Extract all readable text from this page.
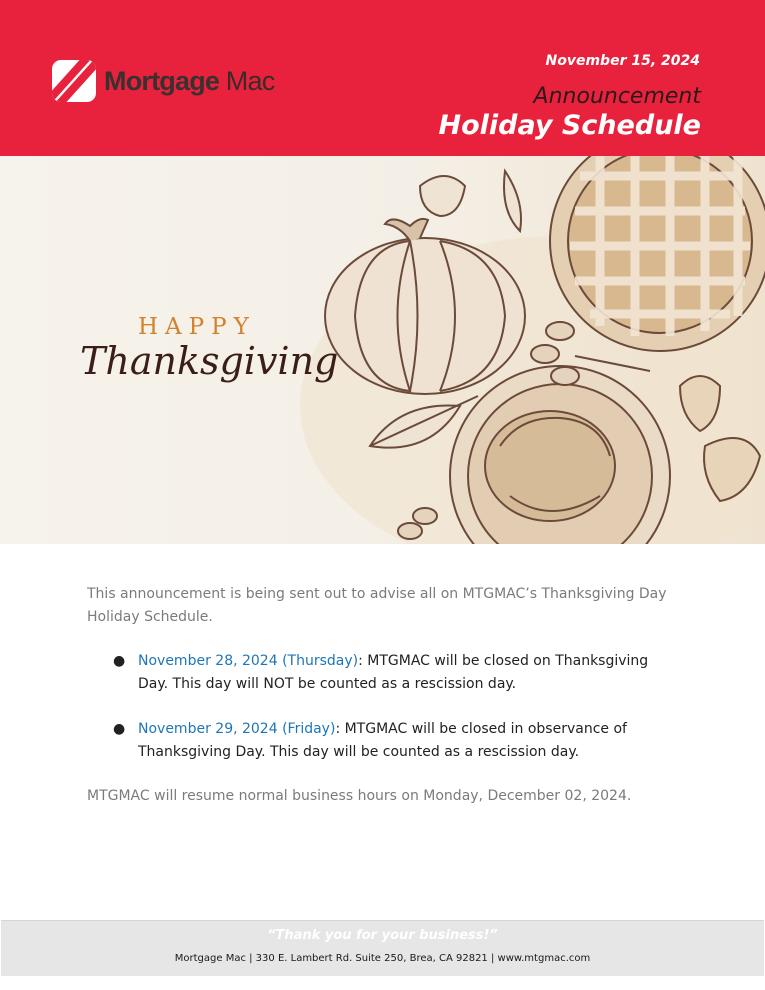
Mortgage Mac
November 15, 2024
Announcement
Holiday Schedule
HAPPY
Thanksgiving
This announcement is being sent out to advise all on MTGMAC’s Thanksgiving Day Holiday Schedule.
● November 28, 2024 (Thursday): MTGMAC will be closed on Thanksgiving Day. This day will NOT be counted as a rescission day.
● November 29, 2024 (Friday): MTGMAC will be closed in observance of Thanksgiving Day. This day will be counted as a rescission day.
MTGMAC will resume normal business hours on Monday, December 02, 2024.
“Thank you for your business!”
Mortgage Mac | 330 E. Lambert Rd. Suite 250, Brea, CA 92821 | www.mtgmac.com
